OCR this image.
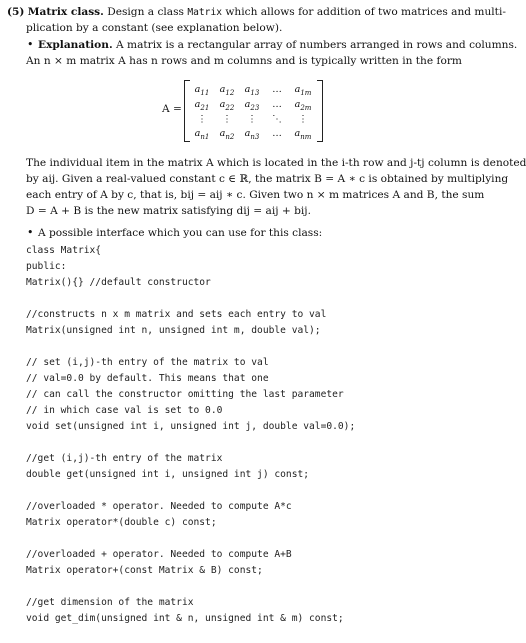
(5) Matrix class. Design a class Matrix which allows for addition of two matrices and multi-
plication by a constant (see explanation below).
• Explanation. A matrix is a rectangular array of numbers arranged in rows and columns.
An n × m matrix A has n rows and m columns and is typically written in the form
A =
$a_{11}$	$a_{12}$	$a_{13}$	…	$a_{1m}$
$a_{21}$	$a_{22}$	$a_{23}$	…	$a_{2m}$
⋮	⋮	⋮	⋱	⋮
$a_{n1}$	$a_{n2}$	$a_{n3}$	…	$a_{nm}$
The individual item in the matrix A which is located in the i-th row and j-tj column is denoted
by aij. Given a real-valued constant c ∈ ℝ, the matrix B = A ∗ c is obtained by multiplying
each entry of A by c, that is, bij = aij ∗ c. Given two n × m matrices A and B, the sum
D = A + B is the new matrix satisfying dij = aij + bij.
• A possible interface which you can use for this class:
class Matrix{
public:
Matrix(){} //default constructor
//constructs n x m matrix and sets each entry to val
Matrix(unsigned int n, unsigned int m, double val);
// set (i,j)-th entry of the matrix to val
// val=0.0 by default. This means that one
// can call the constructor omitting the last parameter
// in which case val is set to 0.0
void set(unsigned int i, unsigned int j, double val=0.0);
//get (i,j)-th entry of the matrix
double get(unsigned int i, unsigned int j) const;
//overloaded * operator. Needed to compute A*c
Matrix operator*(double c) const;
//overloaded + operator. Needed to compute A+B
Matrix operator+(const Matrix & B) const;
//get dimension of the matrix
void get_dim(unsigned int & n, unsigned int & m) const;
